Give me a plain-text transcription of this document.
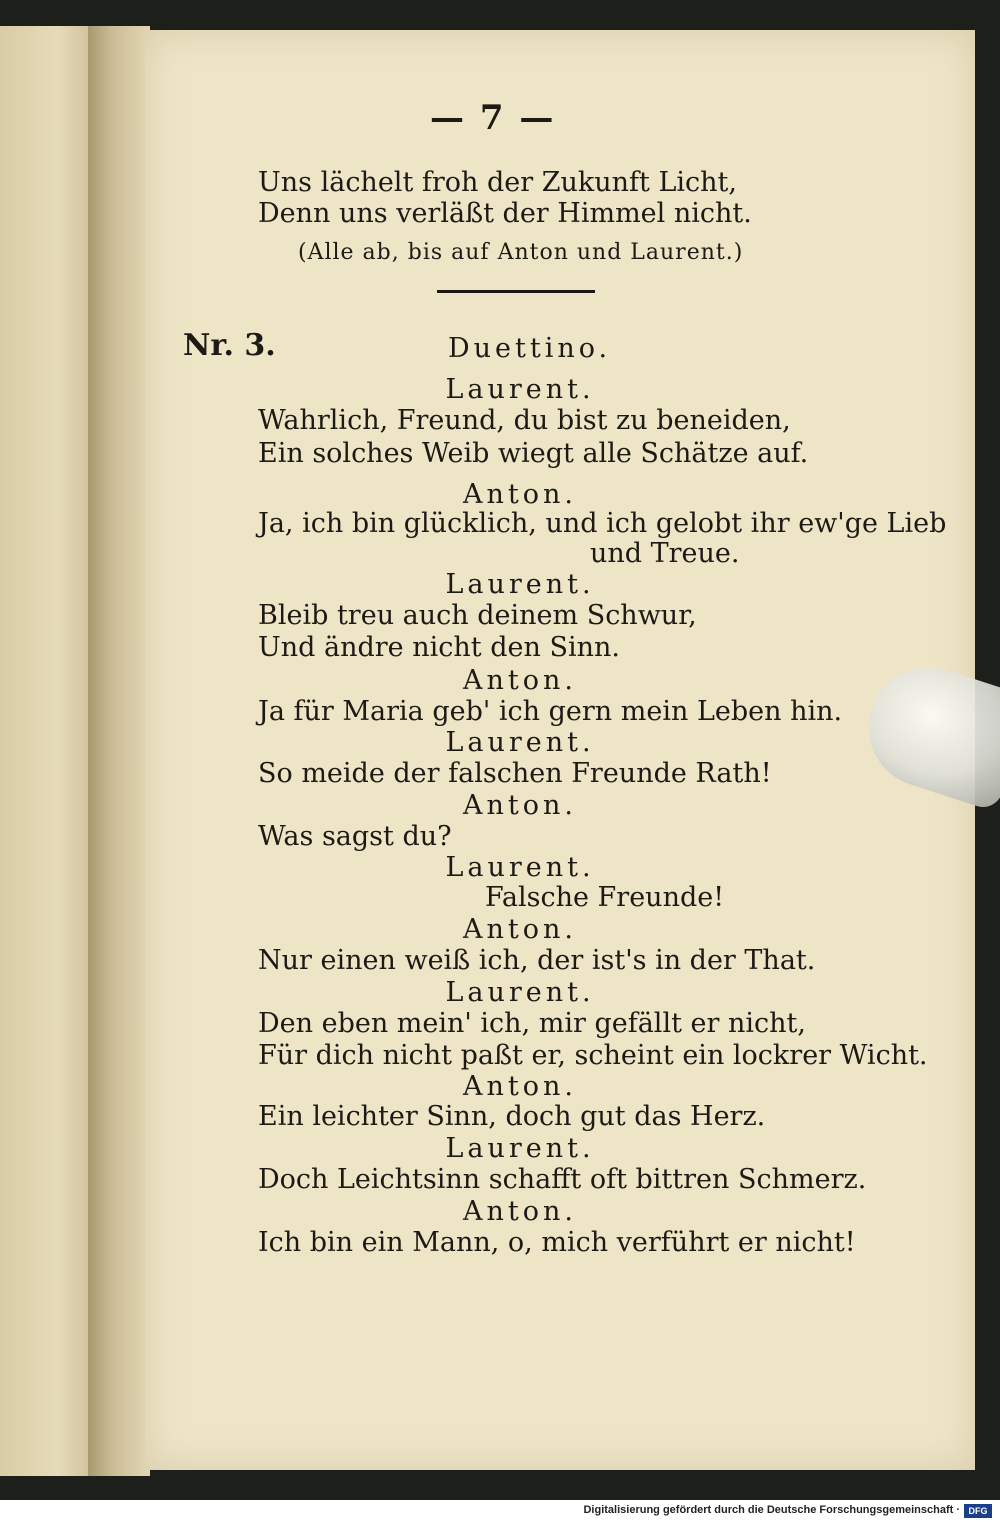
— 7 —
Uns lächelt froh der Zukunft Licht,
Denn uns verläßt der Himmel nicht.
(Alle ab, bis auf Anton und Laurent.)
Nr. 3.	Duettino.
Laurent.
Wahrlich, Freund, du bist zu beneiden,
Ein solches Weib wiegt alle Schätze auf.
Anton.
Ja, ich bin glücklich, und ich gelobt ihr ew'ge Lieb
und Treue.
Laurent.
Bleib treu auch deinem Schwur,
Und ändre nicht den Sinn.
Anton.
Ja für Maria geb' ich gern mein Leben hin.
Laurent.
So meide der falschen Freunde Rath!
Anton.
Was sagst du?
Laurent.
Falsche Freunde!
Anton.
Nur einen weiß ich, der ist's in der That.
Laurent.
Den eben mein' ich, mir gefällt er nicht,
Für dich nicht paßt er, scheint ein lockrer Wicht.
Anton.
Ein leichter Sinn, doch gut das Herz.
Laurent.
Doch Leichtsinn schafft oft bittren Schmerz.
Anton.
Ich bin ein Mann, o, mich verführt er nicht!
Digitalisierung gefördert durch die Deutsche Forschungsgemeinschaft · DFG
